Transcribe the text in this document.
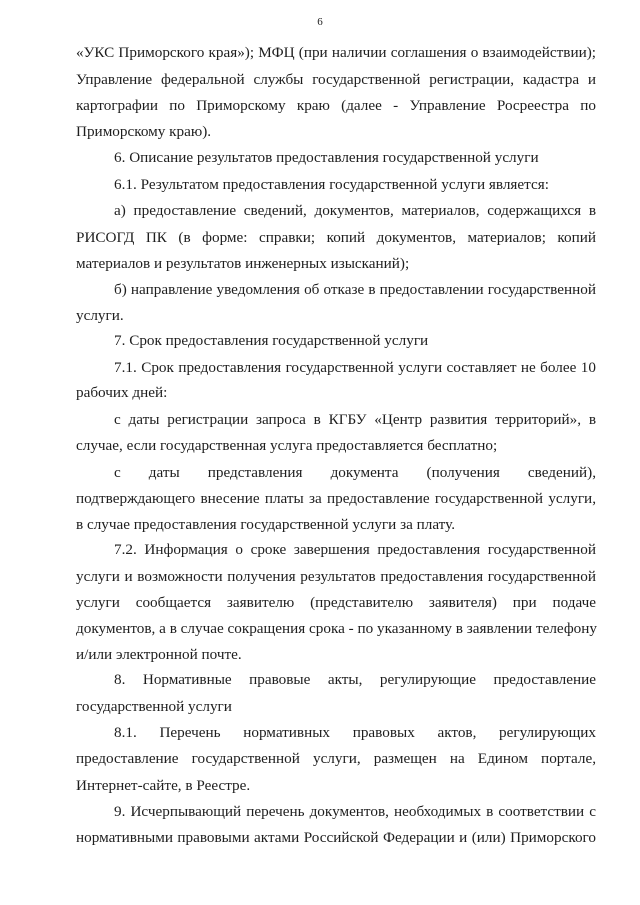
6
«УКС Приморского края»); МФЦ (при наличии соглашения о взаимодействии);
Управление федеральной службы государственной регистрации, кадастра и
картографии по Приморскому краю (далее - Управление Росреестра по
Приморскому краю).
6. Описание результатов предоставления государственной услуги
6.1. Результатом предоставления государственной услуги является:
а) предоставление сведений, документов, материалов, содержащихся в
РИСОГД ПК (в форме: справки; копий документов, материалов; копий
материалов и результатов инженерных изысканий);
б) направление уведомления об отказе в предоставлении государственной
услуги.
7. Срок предоставления государственной услуги
7.1. Срок предоставления государственной услуги составляет не более 10
рабочих дней:
с даты регистрации запроса в КГБУ «Центр развития территорий», в
случае, если государственная услуга предоставляется бесплатно;
с даты представления документа (получения сведений),
подтверждающего внесение платы за предоставление государственной услуги,
в случае предоставления государственной услуги за плату.
7.2. Информация о сроке завершения предоставления государственной
услуги и возможности получения результатов предоставления государственной
услуги сообщается заявителю (представителю заявителя) при подаче
документов, а в случае сокращения срока - по указанному в заявлении телефону
и/или электронной почте.
8. Нормативные правовые акты, регулирующие предоставление
государственной услуги
8.1. Перечень нормативных правовых актов, регулирующих
предоставление государственной услуги, размещен на Едином портале,
Интернет-сайте, в Реестре.
9. Исчерпывающий перечень документов, необходимых в соответствии с
нормативными правовыми актами Российской Федерации и (или) Приморского
